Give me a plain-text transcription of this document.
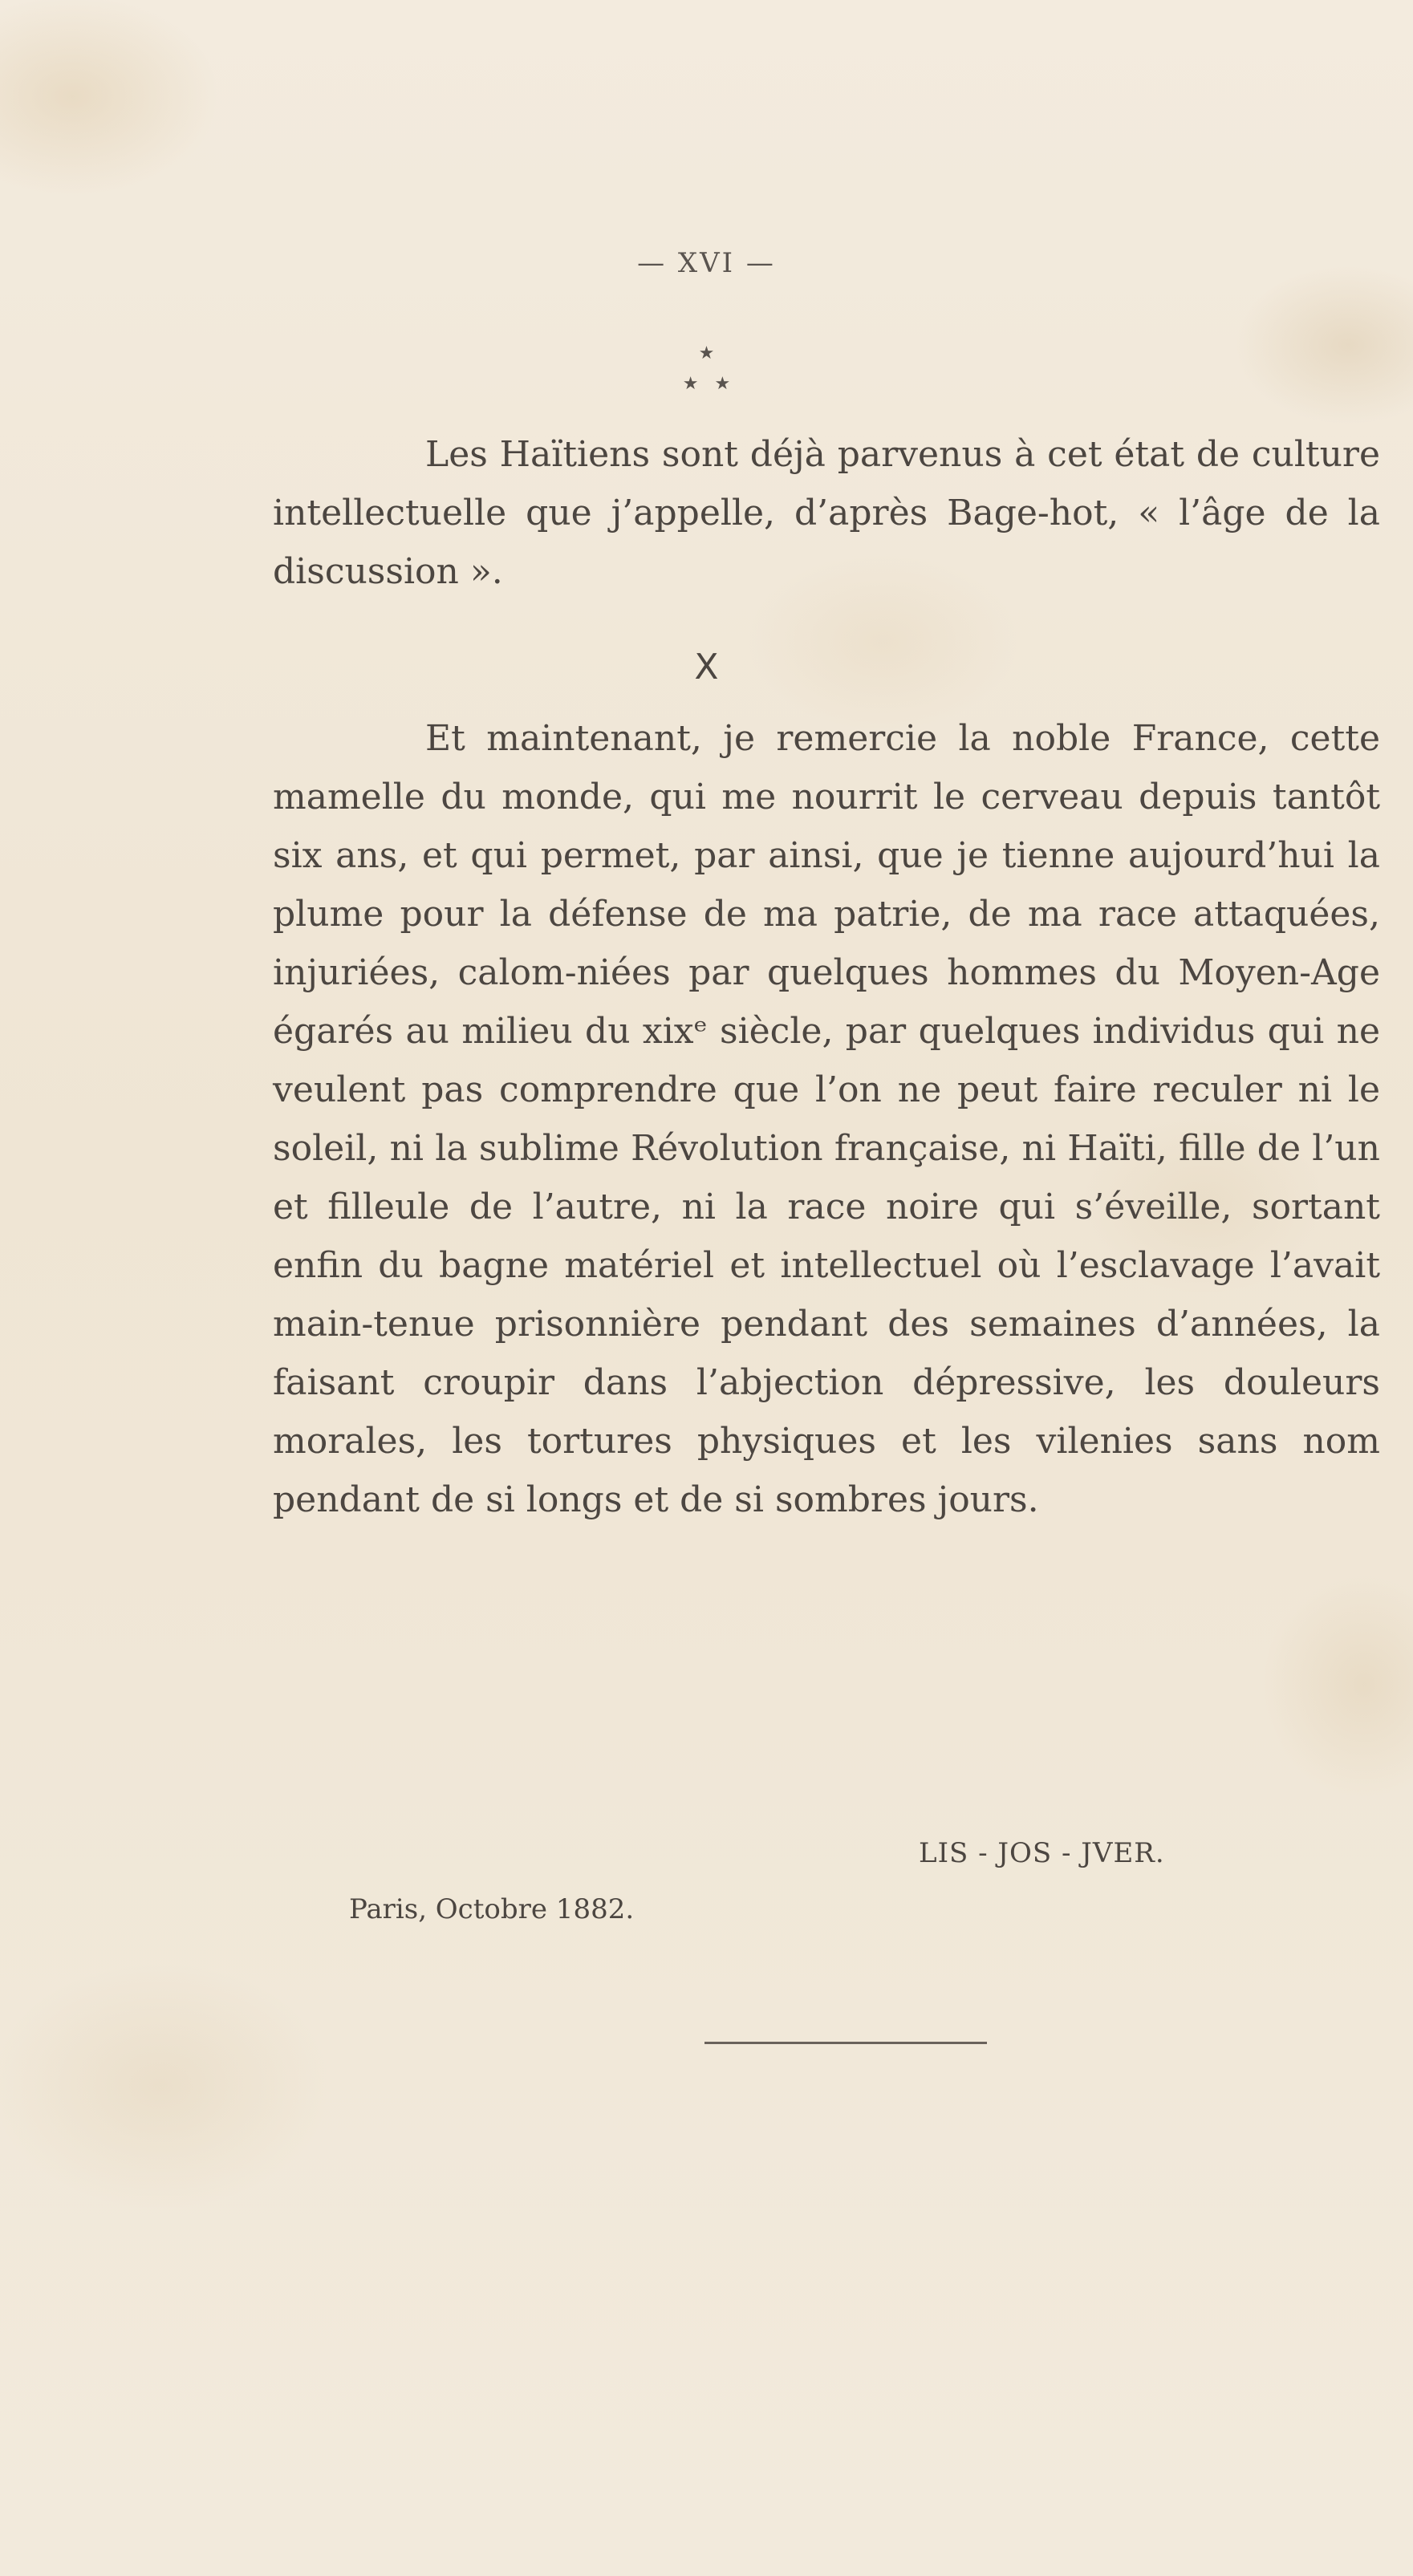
— XVI —
★
★★

Les Haïtiens sont déjà parvenus à cet état de culture intellectuelle que j’appelle, d’après Bage-hot, « l’âge de la discussion ».

X

Et maintenant, je remercie la noble France, cette mamelle du monde, qui me nourrit le cerveau depuis tantôt six ans, et qui permet, par ainsi, que je tienne aujourd’hui la plume pour la défense de ma patrie, de ma race attaquées, injuriées, calom-niées par quelques hommes du Moyen-Age égarés au milieu du xixᵉ siècle, par quelques individus qui ne veulent pas comprendre que l’on ne peut faire reculer ni le soleil, ni la sublime Révolution française, ni Haïti, fille de l’un et filleule de l’autre, ni la race noire qui s’éveille, sortant enfin du bagne matériel et intellectuel où l’esclavage l’avait main-tenue prisonnière pendant des semaines d’années, la faisant croupir dans l’abjection dépressive, les douleurs morales, les tortures physiques et les vilenies sans nom pendant de si longs et de si sombres jours.

LIS - JOS - JVER.
Paris, Octobre 1882.
